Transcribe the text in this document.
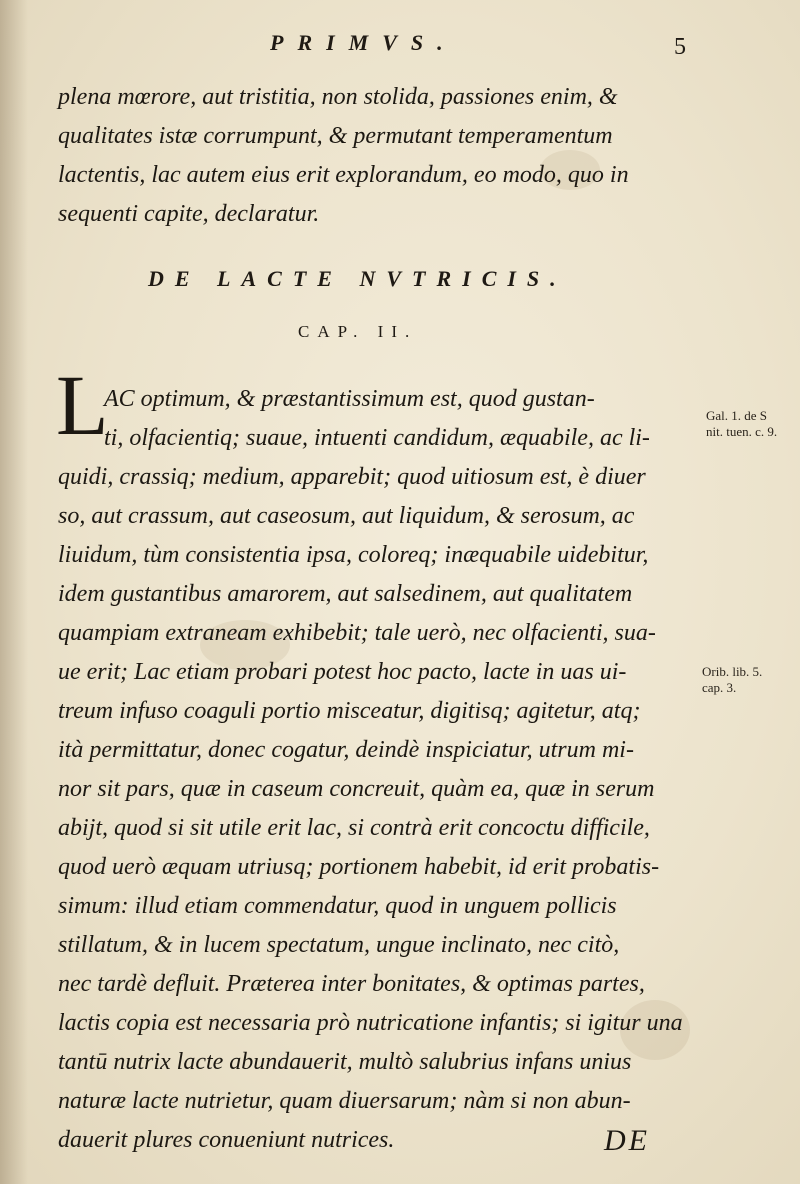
PRIMVS.	5
plena mœrore, aut tristitia, non stolida, passiones enim, &
qualitates istæ corrumpunt, & permutant temperamentum
lactentis, lac autem eius erit explorandum, eo modo, quo in
sequenti capite, declaratur.
DE LACTE NVTRICIS.
CAP. II.
L
AC optimum, & præstantissimum est, quod gustan-
ti, olfacientiq; suaue, intuenti candidum, æquabile, ac li-
quidi, crassiq; medium, apparebit; quod uitiosum est, è diuer
so, aut crassum, aut caseosum, aut liquidum, & serosum, ac
liuidum, tùm consistentia ipsa, coloreq; inæquabile uidebitur,
idem gustantibus amarorem, aut salsedinem, aut qualitatem
quampiam extraneam exhibebit; tale uerò, nec olfacienti, sua-
ue erit; Lac etiam probari potest hoc pacto, lacte in uas ui-
treum infuso coaguli portio misceatur, digitisq; agitetur, atq;
ità permittatur, donec cogatur, deindè inspiciatur, utrum mi-
nor sit pars, quæ in caseum concreuit, quàm ea, quæ in serum
abijt, quod si sit utile erit lac, si contrà erit concoctu difficile,
quod uerò æquam utriusq; portionem habebit, id erit probatis-
simum: illud etiam commendatur, quod in unguem pollicis
stillatum, & in lucem spectatum, ungue inclinato, nec citò,
nec tardè defluit. Præterea inter bonitates, & optimas partes,
lactis copia est necessaria prò nutricatione infantis; si igitur una
tantū nutrix lacte abundauerit, multò salubrius infans unius
naturæ lacte nutrietur, quam diuersarum; nàm si non abun-
dauerit plures conueniunt nutrices.
Gal. 1. de S
nit. tuen. c. 9.
Orib. lib. 5.
cap. 3.
DE
